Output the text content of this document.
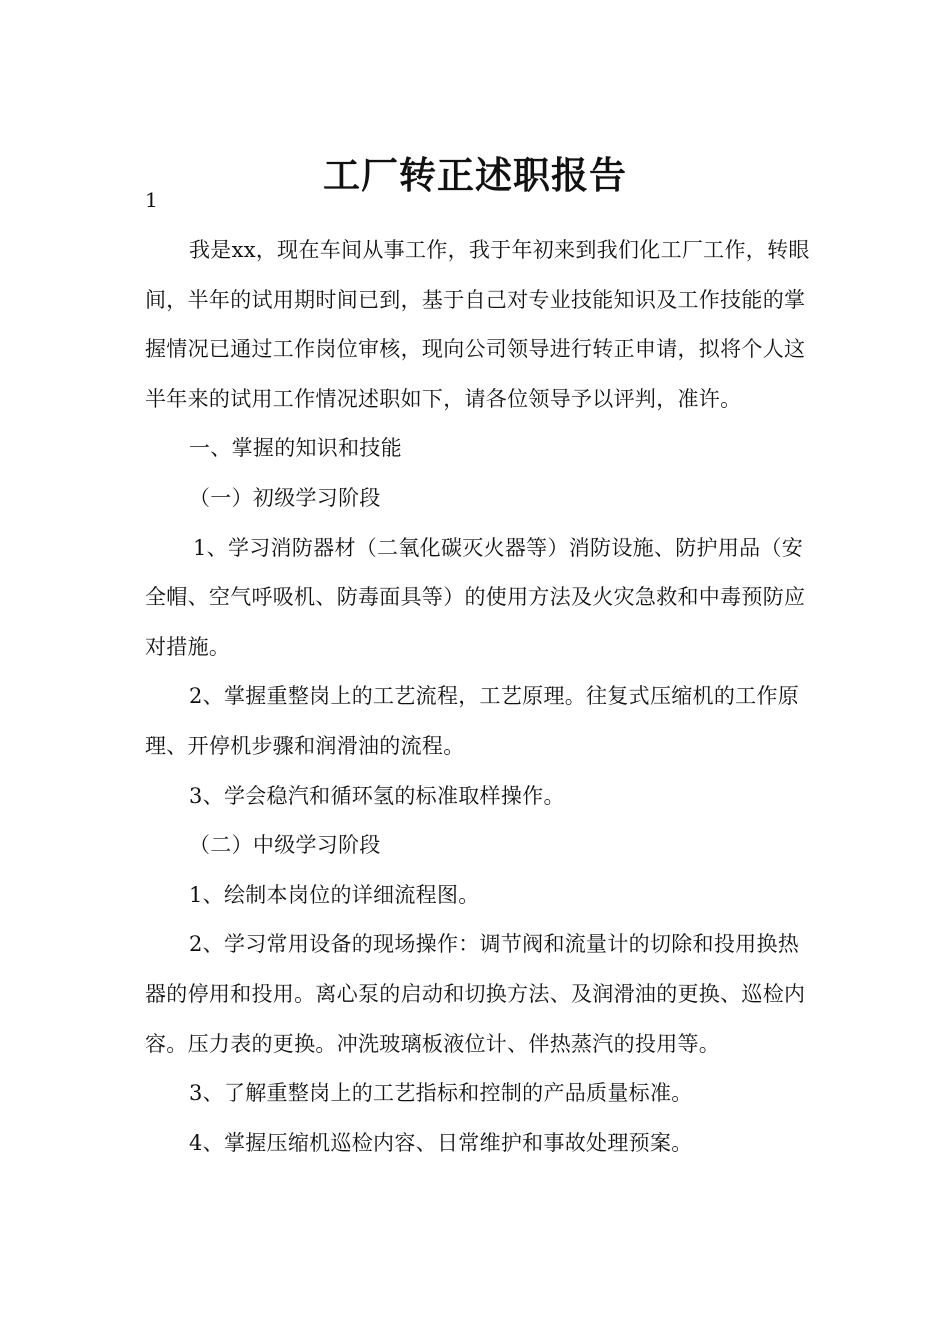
工厂转正述职报告
1

我是xx，现在车间从事工作，我于年初来到我们化工厂工作，转眼间，半年的试用期时间已到，基于自己对专业技能知识及工作技能的掌握情况已通过工作岗位审核，现向公司领导进行转正申请，拟将个人这半年来的试用工作情况述职如下，请各位领导予以评判，准许。

一、掌握的知识和技能

（一）初级学习阶段

1、学习消防器材（二氧化碳灭火器等）消防设施、防护用品（安全帽、空气呼吸机、防毒面具等）的使用方法及火灾急救和中毒预防应对措施。

2、掌握重整岗上的工艺流程，工艺原理。往复式压缩机的工作原理、开停机步骤和润滑油的流程。

3、学会稳汽和循环氢的标准取样操作。

（二）中级学习阶段

1、绘制本岗位的详细流程图。

2、学习常用设备的现场操作：调节阀和流量计的切除和投用换热器的停用和投用。离心泵的启动和切换方法、及润滑油的更换、巡检内容。压力表的更换。冲洗玻璃板液位计、伴热蒸汽的投用等。

3、了解重整岗上的工艺指标和控制的产品质量标准。

4、掌握压缩机巡检内容、日常维护和事故处理预案。
